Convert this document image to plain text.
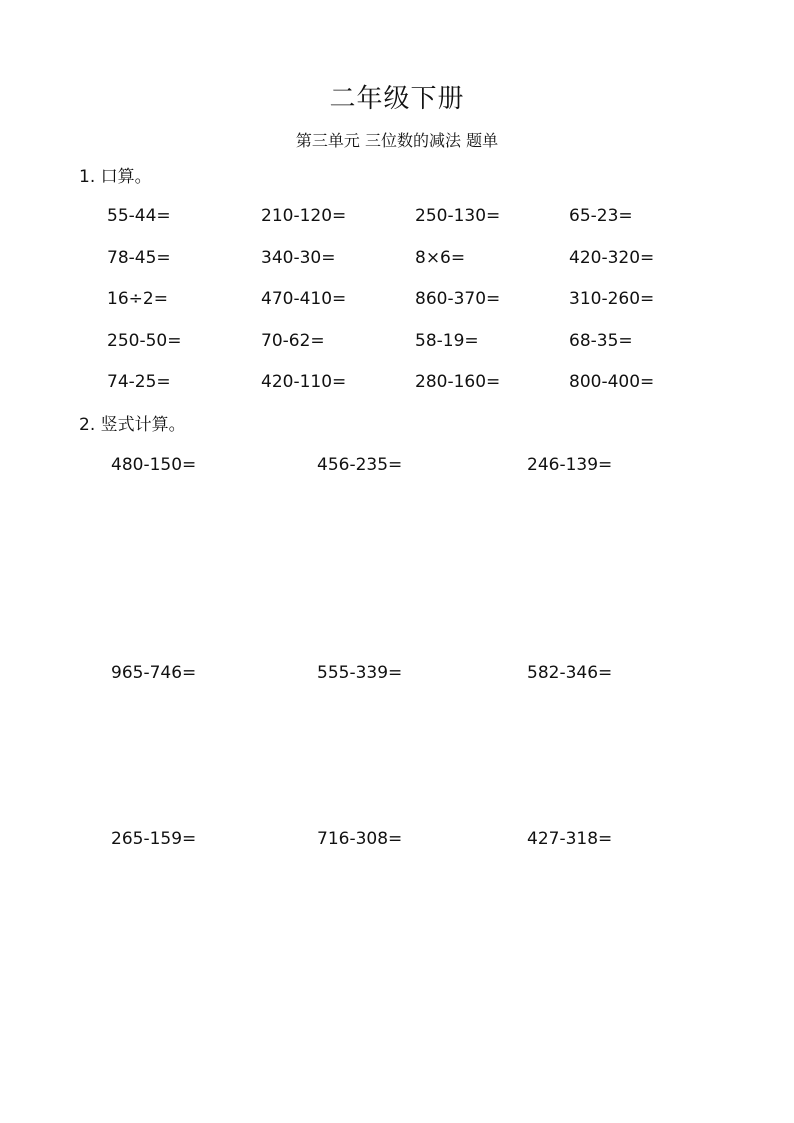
二年级下册
第三单元 三位数的减法 题单
1. 口算。
55-44=	210-120=	250-130=	65-23=
78-45=	340-30=	8×6=	420-320=
16÷2=	470-410=	860-370=	310-260=
250-50=	70-62=	58-19=	68-35=
74-25=	420-110=	280-160=	800-400=
2. 竖式计算。
480-150=	456-235=	246-139=
965-746=	555-339=	582-346=
265-159=	716-308=	427-318=
